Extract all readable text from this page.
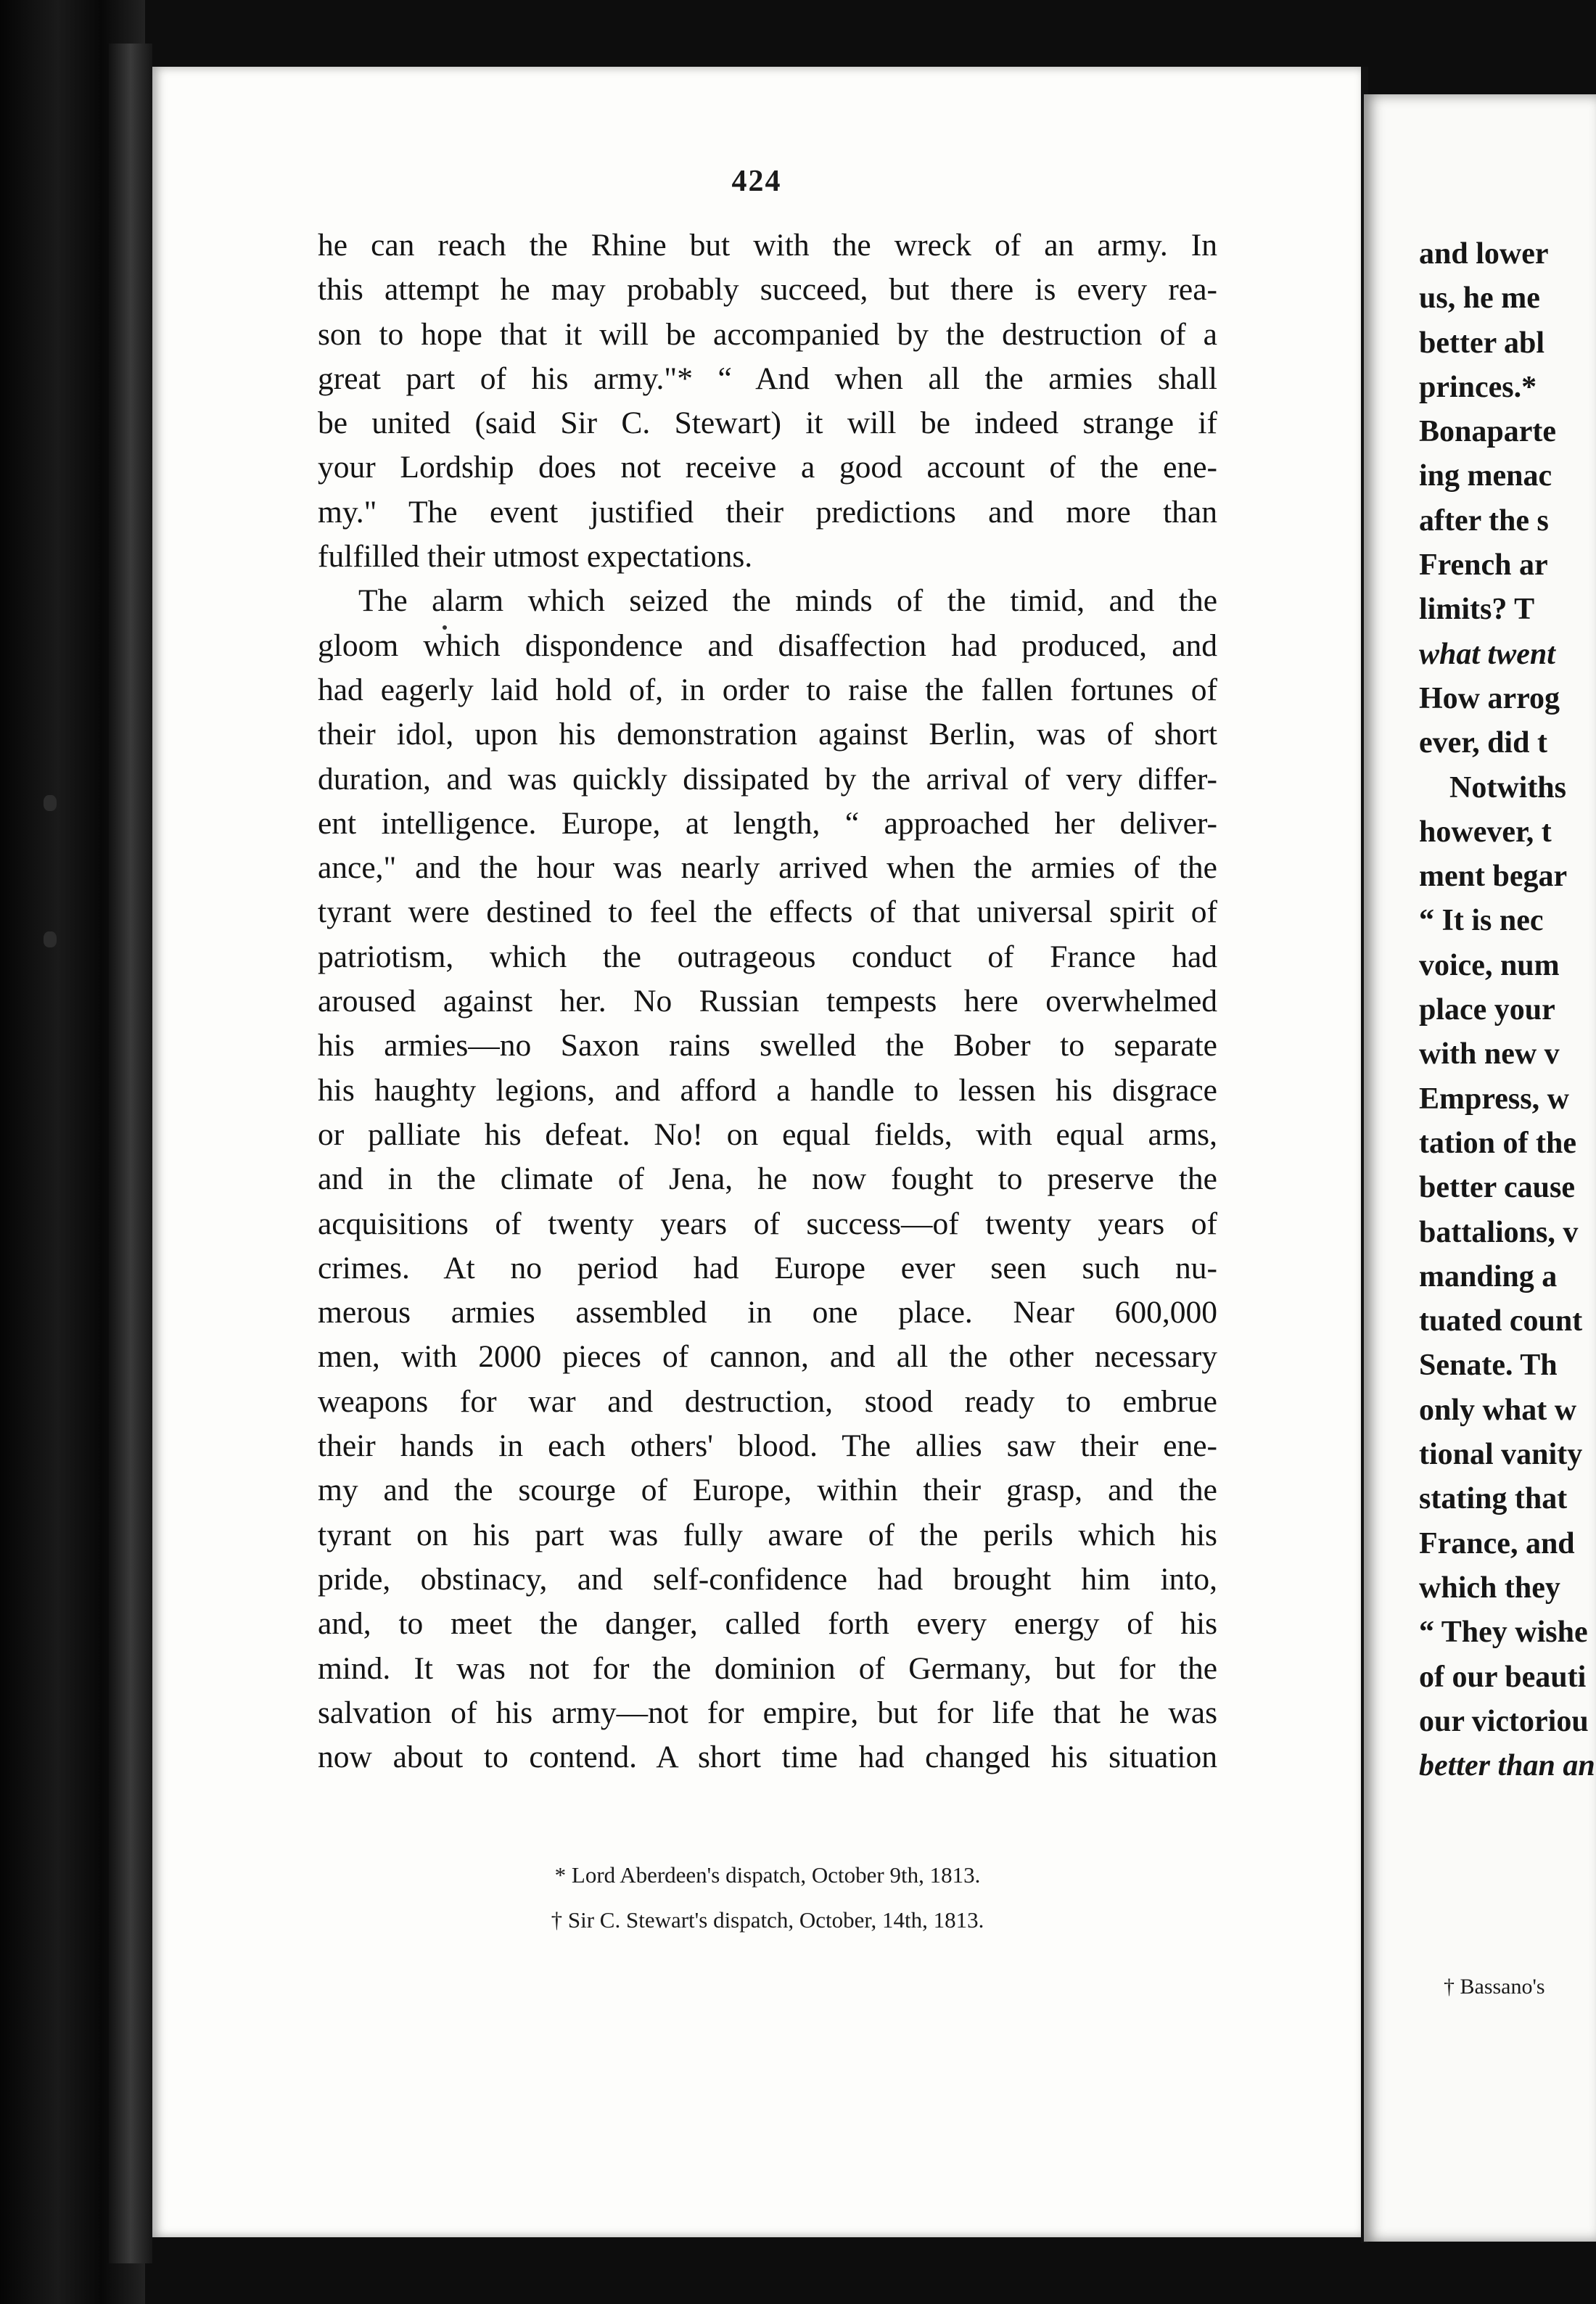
424
he can reach the Rhine but with the wreck of an army. In
this attempt he may probably succeed, but there is every rea-
son to hope that it will be accompanied by the destruction of a
great part of his army."* “ And when all the armies shall
be united (said Sir C. Stewart) it will be indeed strange if
your Lordship does not receive a good account of the ene-
my." The event justified their predictions and more than
fulfilled their utmost expectations.
The alarm which seized the minds of the timid, and the
gloom which dispondence and disaffection had produced, and
had eagerly laid hold of, in order to raise the fallen fortunes of
their idol, upon his demonstration against Berlin, was of short
duration, and was quickly dissipated by the arrival of very differ-
ent intelligence. Europe, at length, “ approached her deliver-
ance," and the hour was nearly arrived when the armies of the
tyrant were destined to feel the effects of that universal spirit of
patriotism, which the outrageous conduct of France had
aroused against her. No Russian tempests here overwhelmed
his armies—no Saxon rains swelled the Bober to separate
his haughty legions, and afford a handle to lessen his disgrace
or palliate his defeat. No! on equal fields, with equal arms,
and in the climate of Jena, he now fought to preserve the
acquisitions of twenty years of success—of twenty years of
crimes. At no period had Europe ever seen such nu-
merous armies assembled in one place. Near 600,000
men, with 2000 pieces of cannon, and all the other necessary
weapons for war and destruction, stood ready to embrue
their hands in each others' blood. The allies saw their ene-
my and the scourge of Europe, within their grasp, and the
tyrant on his part was fully aware of the perils which his
pride, obstinacy, and self-confidence had brought him into,
and, to meet the danger, called forth every energy of his
mind. It was not for the dominion of Germany, but for the
salvation of his army—not for empire, but for life that he was
now about to contend. A short time had changed his situation
* Lord Aberdeen's dispatch, October 9th, 1813.
† Sir C. Stewart's dispatch, October, 14th, 1813.
and lower
us, he me
better abl
princes.*
Bonaparte
ing menac
after the s
French ar
limits? T
what twent
How arrog
ever, did t
Notwiths
however, t
ment begar
“ It is nec
voice, num
place your
with new v
Empress, w
tation of the
better cause
battalions, v
manding a
tuated count
Senate. Th
only what w
tional vanity
stating that
France, and
which they
“ They wishe
of our beauti
our victoriou
better than an
† Bassano's
